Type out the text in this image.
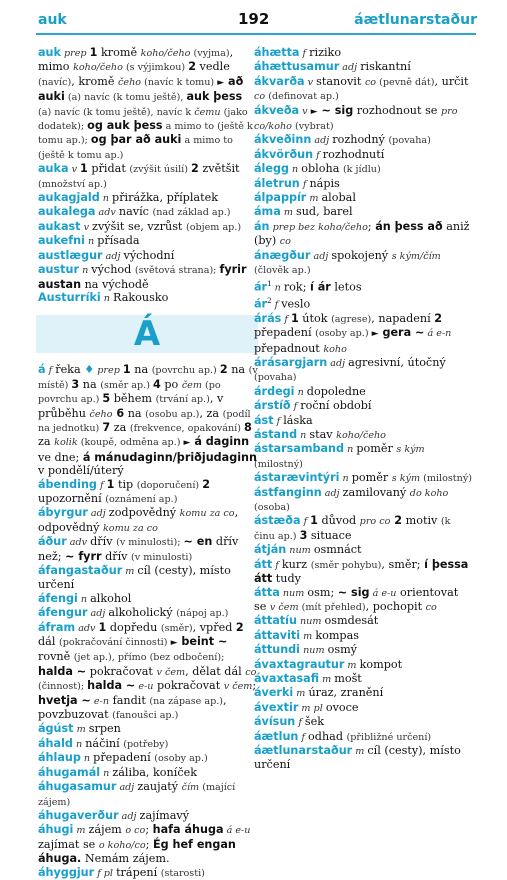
auk	192	áætlunarstaður
auk prep 1 kromě koho/čeho (vyjma), mimo koho/čeho (s výjimkou) 2 vedle (navíc), kromě čeho (navíc k tomu) ► að auki (a) navíc (k tomu ještě), auk þess (a) navíc (k tomu ještě), navíc k čemu (jako dodatek); og auk þess a mimo to (ještě k tomu ap.); og þar að auki a mimo to (ještě k tomu ap.)
auka v 1 přidat (zvýšit úsilí) 2 zvětšit (množství ap.)
aukagjald n přirážka, příplatek
aukalega adv navíc (nad základ ap.)
aukast v zvýšit se, vzrůst (objem ap.)
aukefni n přísada
austlægur adj východní
austur n východ (světová strana); fyrir austan na východě
Austurríki n Rakousko
Á
á f řeka ♦ prep 1 na (povrchu ap.) 2 na (v místě) 3 na (směr ap.) 4 po čem (po povrchu ap.) 5 během (trvání ap.), v průběhu čeho 6 na (osobu ap.), za (podíl na jednotku) 7 za (frekvence, opakování) 8 za kolik (koupě, odměna ap.) ► á daginn ve dne; á mánudaginn/þriðjudaginn v pondělí/úterý
ábending f 1 tip (doporučení) 2 upozornění (oznámení ap.)
ábyrgur adj zodpovědný komu za co, odpovědný komu za co
áður adv dřív (v minulosti); ~ en dřív než; ~ fyrr dřív (v minulosti)
áfangastaður m cíl (cesty), místo určení
áfengi n alkohol
áfengur adj alkoholický (nápoj ap.)
áfram adv 1 dopředu (směr), vpřed 2 dál (pokračování činnosti) ► beint ~ rovně (jet ap.), přímo (bez odbočení); halda ~ pokračovat v čem, dělat dál co (činnost); halda ~ e-u pokračovat v čem; hvetja ~ e-n fandit (na zápase ap.), povzbuzovat (fanoušci ap.)
ágúst m srpen
áhald n náčiní (potřeby)
áhlaup n přepadení (osoby ap.)
áhugamál n záliba, koníček
áhugasamur adj zaujatý čím (mající zájem)
áhugaverður adj zajímavý
áhugi m zájem o co; hafa áhuga á e-u zajímat se o koho/co; Ég hef engan áhuga. Nemám zájem.
áhyggjur f pl trápení (starosti)
áhætta f riziko
áhættusamur adj riskantní
ákvarða v stanovit co (pevně dát), určit co (definovat ap.)
ákveða v ► ~ sig rozhodnout se pro co/koho (vybrat)
ákveðinn adj rozhodný (povaha)
ákvörðun f rozhodnutí
álegg n obloha (k jídlu)
áletrun f nápis
álpappír m alobal
áma m sud, barel
án prep bez koho/čeho; án þess að aniž (by) co
ánægður adj spokojený s kým/čím (člověk ap.)
$ár^1$ n rok; í ár letos
$ár^2$ f veslo
árás f 1 útok (agrese), napadení 2 přepadení (osoby ap.) ► gera ~ á e-n přepadnout koho
árásargjarn adj agresivní, útočný (povaha)
árdegi n dopoledne
árstíð f roční období
ást f láska
ástand n stav koho/čeho
ástarsamband n poměr s kým (milostný)
ástarævintýri n poměr s kým (milostný)
ástfanginn adj zamilovaný do koho (osoba)
ástæða f 1 důvod pro co 2 motiv (k činu ap.) 3 situace
átján num osmnáct
átt f kurz (směr pohybu), směr; í þessa átt tudy
átta num osm; ~ sig á e-u orientovat se v čem (mít přehled), pochopit co
áttatíu num osmdesát
áttaviti m kompas
áttundi num osmý
ávaxtagrautur m kompot
ávaxtasafi m mošt
áverki m úraz, zranění
ávextir m pl ovoce
ávísun f šek
áætlun f odhad (přibližné určení)
áætlunarstaður m cíl (cesty), místo určení
